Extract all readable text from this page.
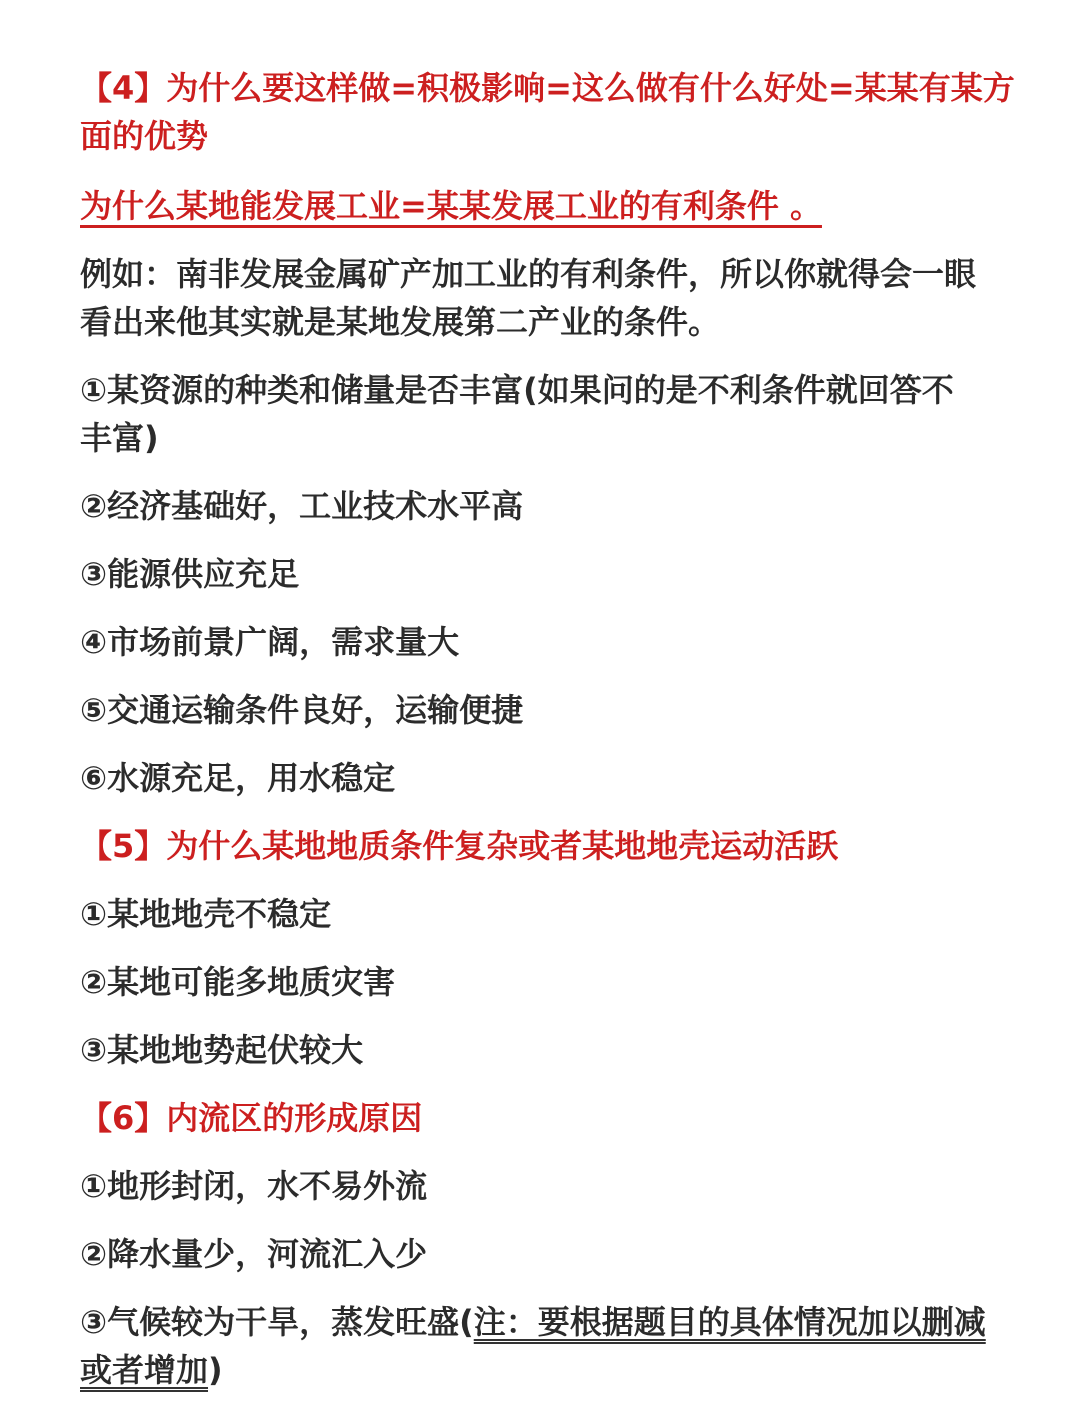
【4】为什么要这样做=积极影响=这么做有什么好处=某某有某方
面的优势
为什么某地能发展工业=某某发展工业的有利条件 。
例如：南非发展金属矿产加工业的有利条件，所以你就得会一眼
看出来他其实就是某地发展第二产业的条件。
①某资源的种类和储量是否丰富(如果问的是不利条件就回答不
丰富)
②经济基础好，工业技术水平高
③能源供应充足
④市场前景广阔，需求量大
⑤交通运输条件良好，运输便捷
⑥水源充足，用水稳定
【5】为什么某地地质条件复杂或者某地地壳运动活跃
①某地地壳不稳定
②某地可能多地质灾害
③某地地势起伏较大
【6】内流区的形成原因
①地形封闭，水不易外流
②降水量少，河流汇入少
③气候较为干旱，蒸发旺盛(注：要根据题目的具体情况加以删减
或者增加)
